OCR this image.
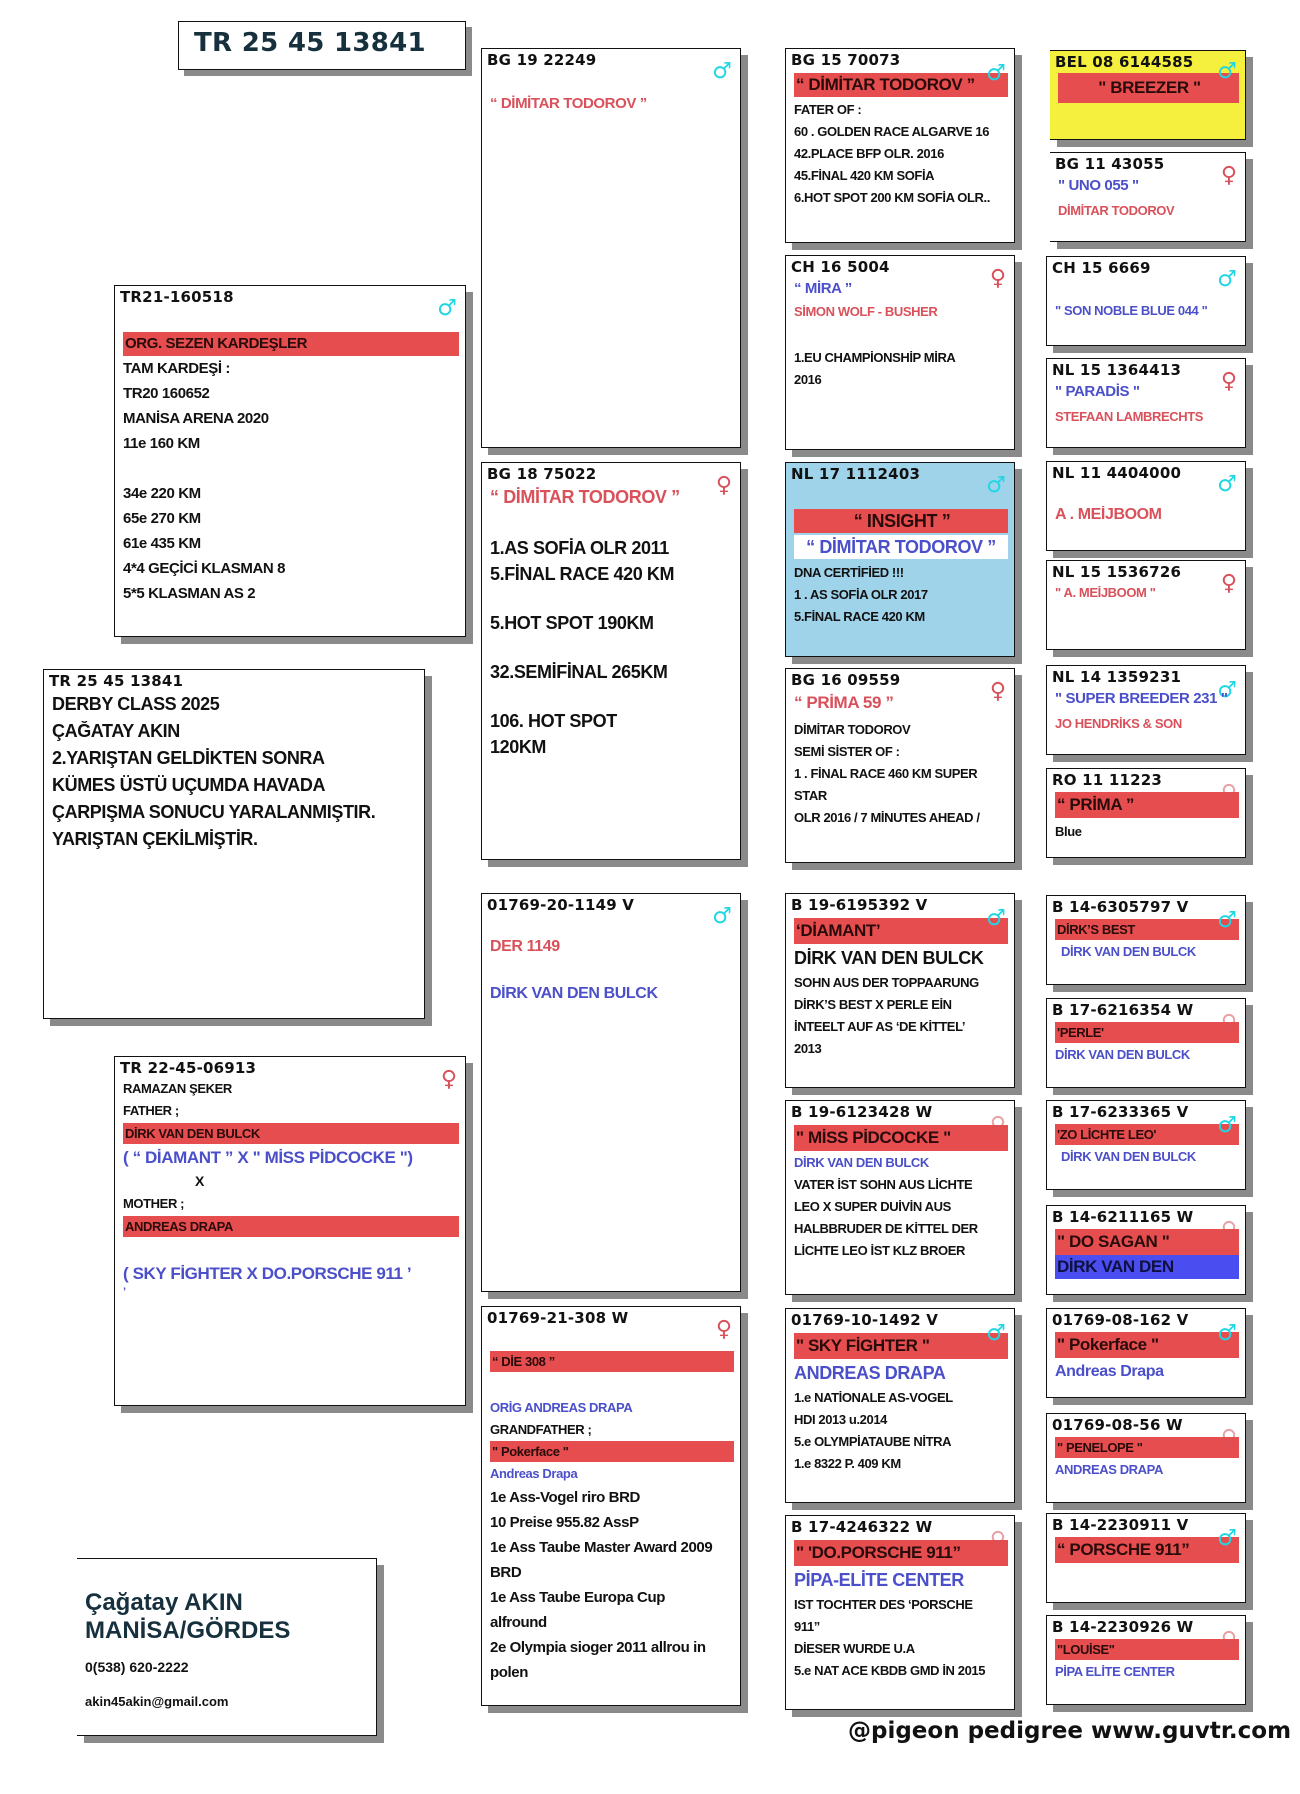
TR 25 45 13841
TR21-160518	♂
ORG. SEZEN KARDEŞLER
TAM KARDEŞİ :
TR20 160652
MANİSA ARENA 2020
11e 160 KM
34e 220 KM
65e 270 KM
61e 435 KM
4*4 GEÇİCİ KLASMAN 8
5*5 KLASMAN AS 2
TR 25 45 13841
DERBY CLASS 2025
ÇAĞATAY AKIN
2.YARIŞTAN GELDİKTEN SONRA
KÜMES ÜSTÜ UÇUMDA HAVADA
ÇARPIŞMA SONUCU YARALANMIŞTIR.
YARIŞTAN ÇEKİLMİŞTİR.
TR 22-45-06913	♀
RAMAZAN ŞEKER
FATHER ;
DİRK VAN DEN BULCK
( “ DİAMANT ” X " MİSS PİDCOCKE ")
X
MOTHER ;
ANDREAS DRAPA
( SKY FİGHTER X DO.PORSCHE 911 ’
’
Çağatay AKIN
MANİSA/GÖRDES
0(538) 620-2222
akin45akin@gmail.com
BG 19 22249	♂
“ DİMİTAR TODOROV ”
BG 18 75022	♀
“ DİMİTAR TODOROV ”
1.AS SOFİA OLR 2011
5.FİNAL RACE 420 KM
5.HOT SPOT 190KM
32.SEMİFİNAL 265KM
106. HOT SPOT
120KM
01769-20-1149 V	♂
DER 1149
DİRK VAN DEN BULCK
01769-21-308 W	♀
“ DİE 308 ”
ORİG ANDREAS DRAPA
GRANDFATHER ;
" Pokerface "
Andreas Drapa
1e Ass-Vogel riro BRD
10 Preise 955.82 AssP
1e Ass Taube Master Award 2009
BRD
1e Ass Taube Europa Cup
alfround
2e Olympia sioger 2011 allrou in
polen
BG 15 70073
“ DİMİTAR TODOROV ” ♂
FATER OF :
60 . GOLDEN RACE ALGARVE 16
42.PLACE BFP OLR. 2016
45.FİNAL 420 KM SOFİA
6.HOT SPOT 200 KM SOFİA OLR..
CH 16 5004	♀
“ MİRA ”
SİMON WOLF - BUSHER
1.EU CHAMPİONSHİP MİRA
2016
NL 17 1112403	♂
“ INSIGHT ”
“ DİMİTAR TODOROV ”
DNA CERTİFİED !!!
1 . AS SOFİA OLR 2017
5.FİNAL RACE 420 KM
BG 16 09559	♀
“ PRİMA 59 ”
DİMİTAR TODOROV
SEMİ SİSTER OF :
1 . FİNAL RACE 460 KM SUPER
STAR
OLR 2016 / 7 MİNUTES AHEAD /
B 19-6195392 V
‘DİAMANT’	♂
DİRK VAN DEN BULCK
SOHN AUS DER TOPPAARUNG
DİRK’S BEST X PERLE EİN
İNTEELT AUF AS ‘DE KİTTEL’
2013
B 19-6123428 W
" MİSS PİDCOCKE "	♀
DİRK VAN DEN BULCK
VATER İST SOHN AUS LİCHTE
LEO X SUPER DUİVİN AUS
HALBBRUDER DE KİTTEL DER
LİCHTE LEO İST KLZ BROER
01769-10-1492 V
" SKY FİGHTER "	♂
ANDREAS DRAPA
1.e NATİONALE AS-VOGEL
HDI 2013 u.2014
5.e OLYMPİATAUBE NİTRA
1.e 8322 P. 409 KM
B 17-4246322 W
" 'DO.PORSCHE 911”	♀
PİPA-ELİTE CENTER
IST TOCHTER DES ‘PORSCHE
911”
DİESER WURDE U.A
5.e NAT ACE KBDB GMD İN 2015
BEL 08 6144585
" BREEZER "
♂
BG 11 43055	♀
" UNO 055 "
DİMİTAR TODOROV
CH 15 6669	♂
" SON NOBLE BLUE 044 "
NL 15 1364413 ♀
" PARADİS "
STEFAAN LAMBRECHTS
NL 11 4404000 ♂
A . MEİJBOOM
NL 15 1536726 ♀
" A. MEİJBOOM "
NL 14 1359231
♂
" SUPER BREEDER 231 "
JO HENDRİKS & SON
RO 11 11223
“ PRİMA ”	♀
Blue
B 14-6305797 V
DİRK’S BEST	♂
DİRK VAN DEN BULCK
B 17-6216354 W
'PERLE'	♀
DİRK VAN DEN BULCK
B 17-6233365 V
'ZO LİCHTE LEO'	♂
DİRK VAN DEN BULCK
B 14-6211165 W
" DO SAGAN "	♀
DİRK VAN DEN
01769-08-162 V
" Pokerface "	♂
Andreas Drapa
01769-08-56 W
" PENELOPE "	♀
ANDREAS DRAPA
B 14-2230911 V
“ PORSCHE 911”	♂
B 14-2230926 W
"LOUİSE"	♀
PİPA ELİTE CENTER
@pigeon pedigree www.guvtr.com
